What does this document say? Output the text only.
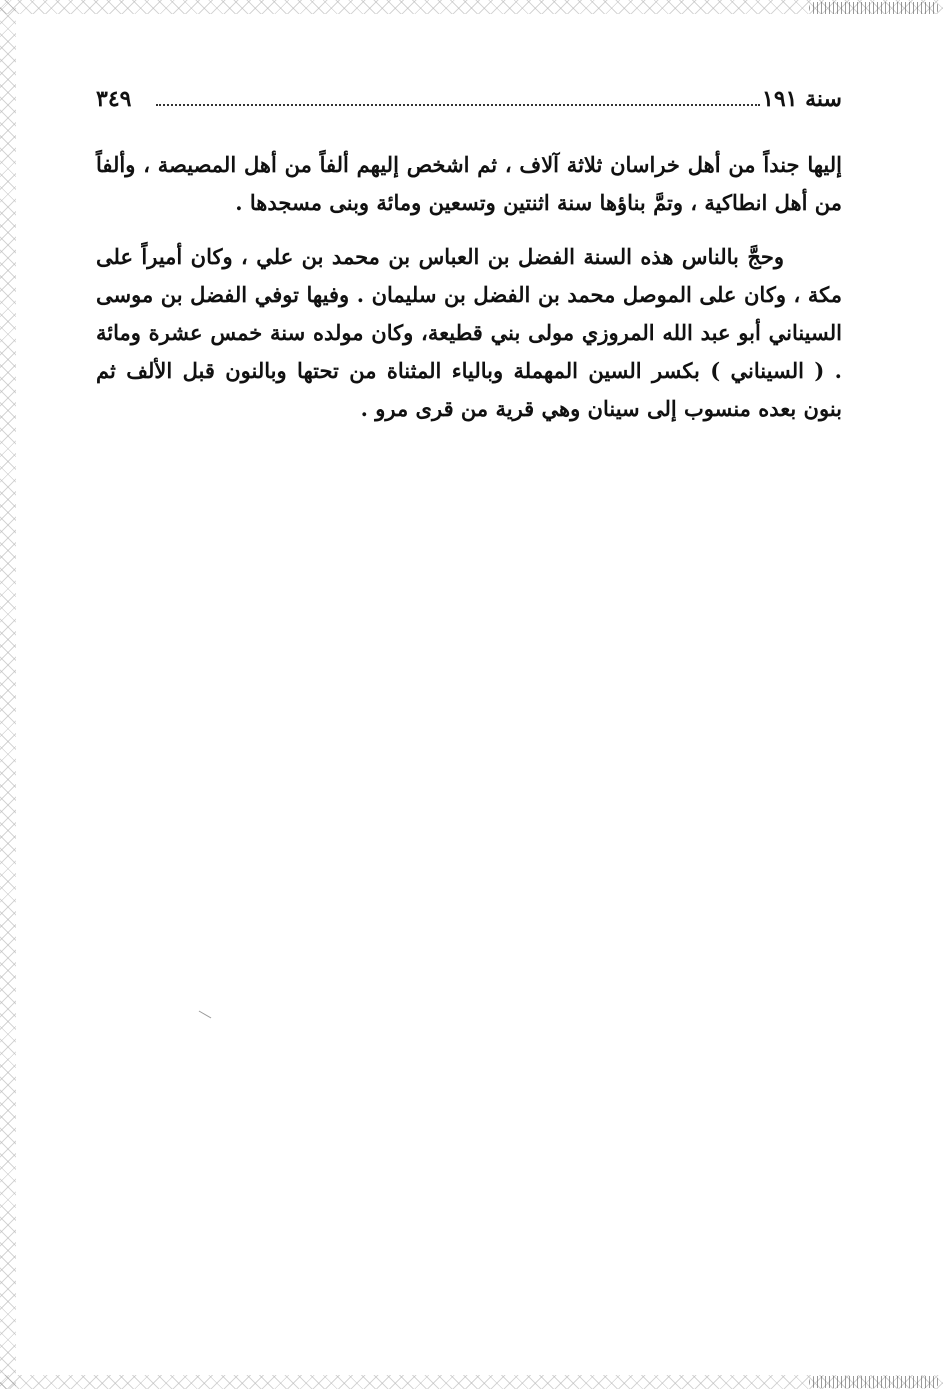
سنة ١٩١
٣٤٩

إليها جنداً من أهل خراسان ثلاثة آلاف ، ثم اشخص إليهم ألفاً من أهل المصيصة ، وألفاً من أهل انطاكية ، وتمَّ بناؤها سنة اثنتين وتسعين ومائة وبنى مسجدها .

وحجَّ بالناس هذه السنة الفضل بن العباس بن محمد بن علي ، وكان أميراً على مكة ، وكان على الموصل محمد بن الفضل بن سليمان . وفيها توفي الفضل بن موسى السيناني أبو عبد الله المروزي مولى بني قطيعة، وكان مولده سنة خمس عشرة ومائة . ( السيناني ) بكسر السين المهملة وبالياء المثناة من تحتها وبالنون قبل الألف ثم بنون بعده منسوب إلى سينان وهي قرية من قرى مرو .
